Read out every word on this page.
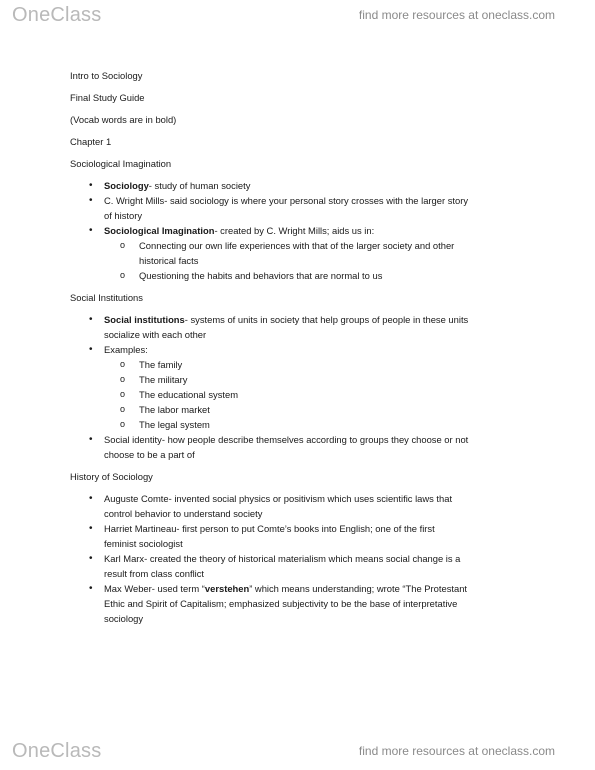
OneClass	find more resources at oneclass.com
Intro to Sociology
Final Study Guide
(Vocab words are in bold)
Chapter 1
Sociological Imagination
• Sociology- study of human society
• C. Wright Mills- said sociology is where your personal story crosses with the larger story
of history
• Sociological Imagination- created by C. Wright Mills; aids us in:
o Connecting our own life experiences with that of the larger society and other
historical facts
o Questioning the habits and behaviors that are normal to us
Social Institutions
• Social institutions- systems of units in society that help groups of people in these units
socialize with each other
• Examples:
o The family
o The military
o The educational system
o The labor market
o The legal system
• Social identity- how people describe themselves according to groups they choose or not
choose to be a part of
History of Sociology
• Auguste Comte- invented social physics or positivism which uses scientific laws that
control behavior to understand society
• Harriet Martineau- first person to put Comte’s books into English; one of the first
feminist sociologist
• Karl Marx- created the theory of historical materialism which means social change is a
result from class conflict
• Max Weber- used term “verstehen” which means understanding; wrote “The Protestant
Ethic and Spirit of Capitalism; emphasized subjectivity to be the base of interpretative
sociology
OneClass	find more resources at oneclass.com
